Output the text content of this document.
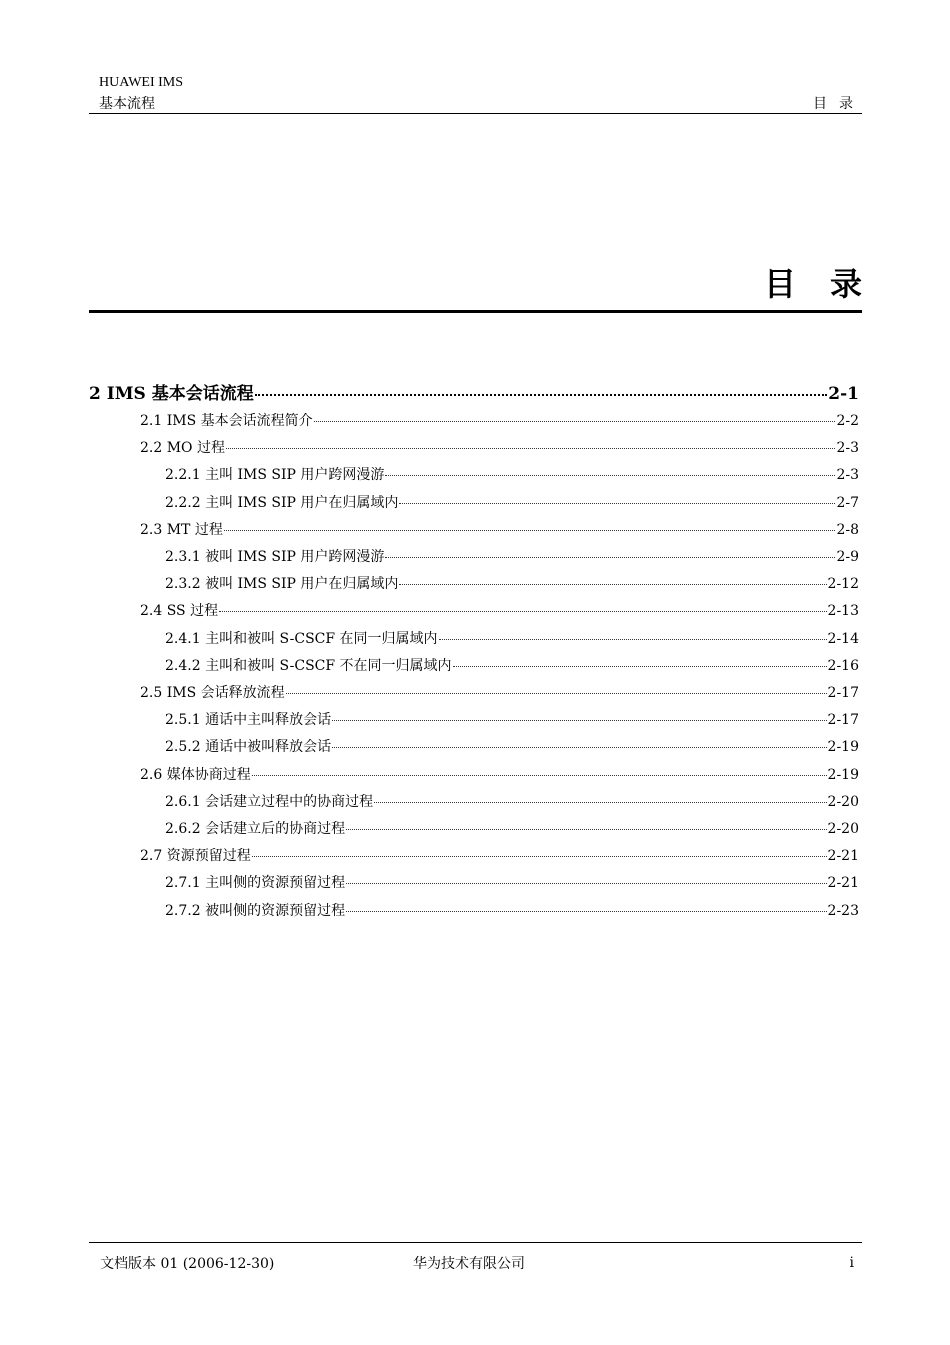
HUAWEI IMS
基本流程	目录
目录
2 IMS 基本会话流程	2-1
2.1 IMS 基本会话流程简介	2-2
2.2 MO 过程	2-3
2.2.1 主叫 IMS SIP 用户跨网漫游	2-3
2.2.2 主叫 IMS SIP 用户在归属域内	2-7
2.3 MT 过程	2-8
2.3.1 被叫 IMS SIP 用户跨网漫游	2-9
2.3.2 被叫 IMS SIP 用户在归属域内	2-12
2.4 SS 过程	2-13
2.4.1 主叫和被叫 S-CSCF 在同一归属域内	2-14
2.4.2 主叫和被叫 S-CSCF 不在同一归属域内	2-16
2.5 IMS 会话释放流程	2-17
2.5.1 通话中主叫释放会话	2-17
2.5.2 通话中被叫释放会话	2-19
2.6 媒体协商过程	2-19
2.6.1 会话建立过程中的协商过程	2-20
2.6.2 会话建立后的协商过程	2-20
2.7 资源预留过程	2-21
2.7.1 主叫侧的资源预留过程	2-21
2.7.2 被叫侧的资源预留过程	2-23
文档版本 01 (2006-12-30)	华为技术有限公司	i
